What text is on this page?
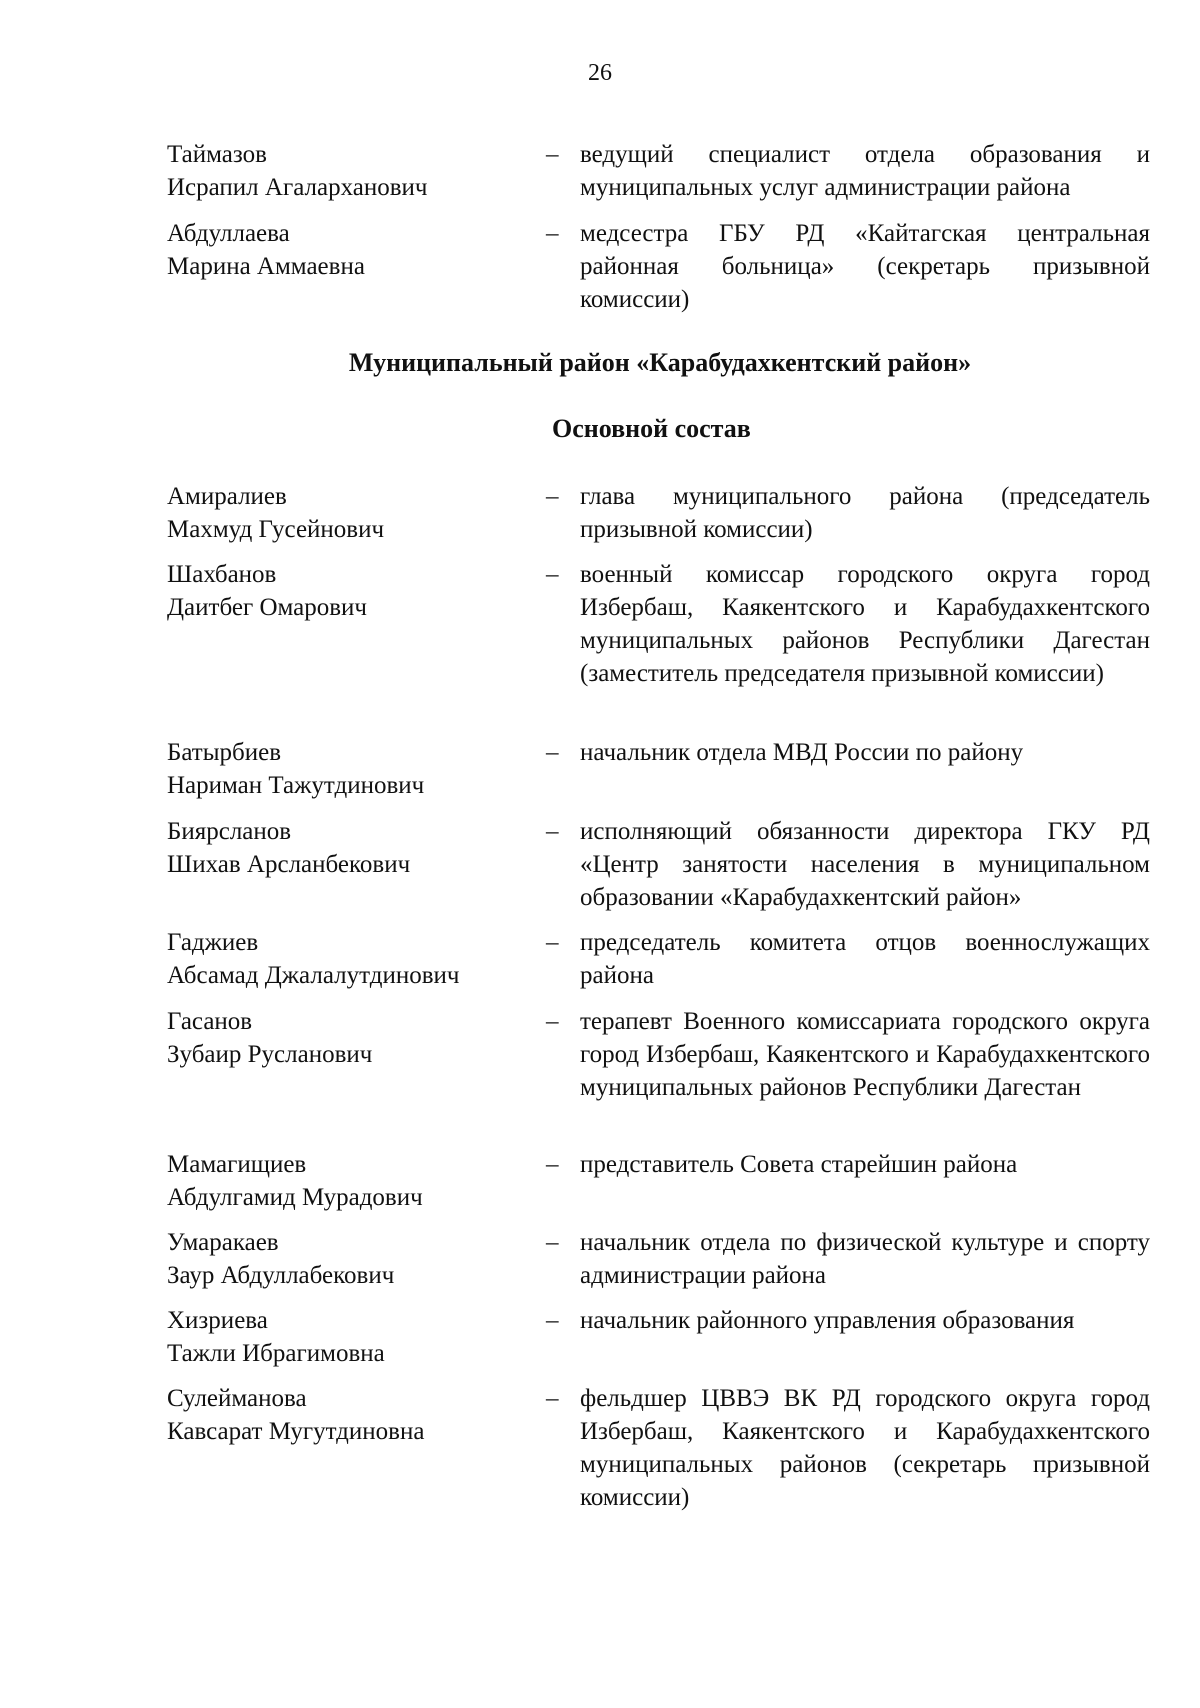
26
Таймазов
Исрапил Агаларханович
– ведущий специалист отдела образования и муниципальных услуг администрации района
Абдуллаева
Марина Аммаевна
– медсестра ГБУ РД «Кайтагская центральная районная больница» (секретарь призывной комиссии)
Муниципальный район «Карабудахкентский район»
Основной состав
Амиралиев
Махмуд Гусейнович
– глава муниципального района (председатель призывной комиссии)
Шахбанов
Даитбег Омарович
– военный комиссар городского округа город Избербаш, Каякентского и Карабудахкентского муниципальных районов Республики Дагестан (заместитель председателя призывной комиссии)
Батырбиев
Нариман Тажутдинович
– начальник отдела МВД России по району
Биярсланов
Шихав Арсланбекович
– исполняющий обязанности директора ГКУ РД «Центр занятости населения в муниципальном образовании «Карабудахкентский район»
Гаджиев
Абсамад Джалалутдинович
– председатель комитета отцов военнослужащих района
Гасанов
Зубаир Русланович
– терапевт Военного комиссариата городского округа город Избербаш, Каякентского и Карабудахкентского муниципальных районов Республики Дагестан
Мамагищиев
Абдулгамид Мурадович
– представитель Совета старейшин района
Умаракаев
Заур Абдуллабекович
– начальник отдела по физической культуре и спорту администрации района
Хизриева
Тажли Ибрагимовна
– начальник районного управления образования
Сулейманова
Кавсарат Мугутдиновна
– фельдшер ЦВВЭ ВК РД городского округа город Избербаш, Каякентского и Карабудахкентского муниципальных районов (секретарь призывной комиссии)
